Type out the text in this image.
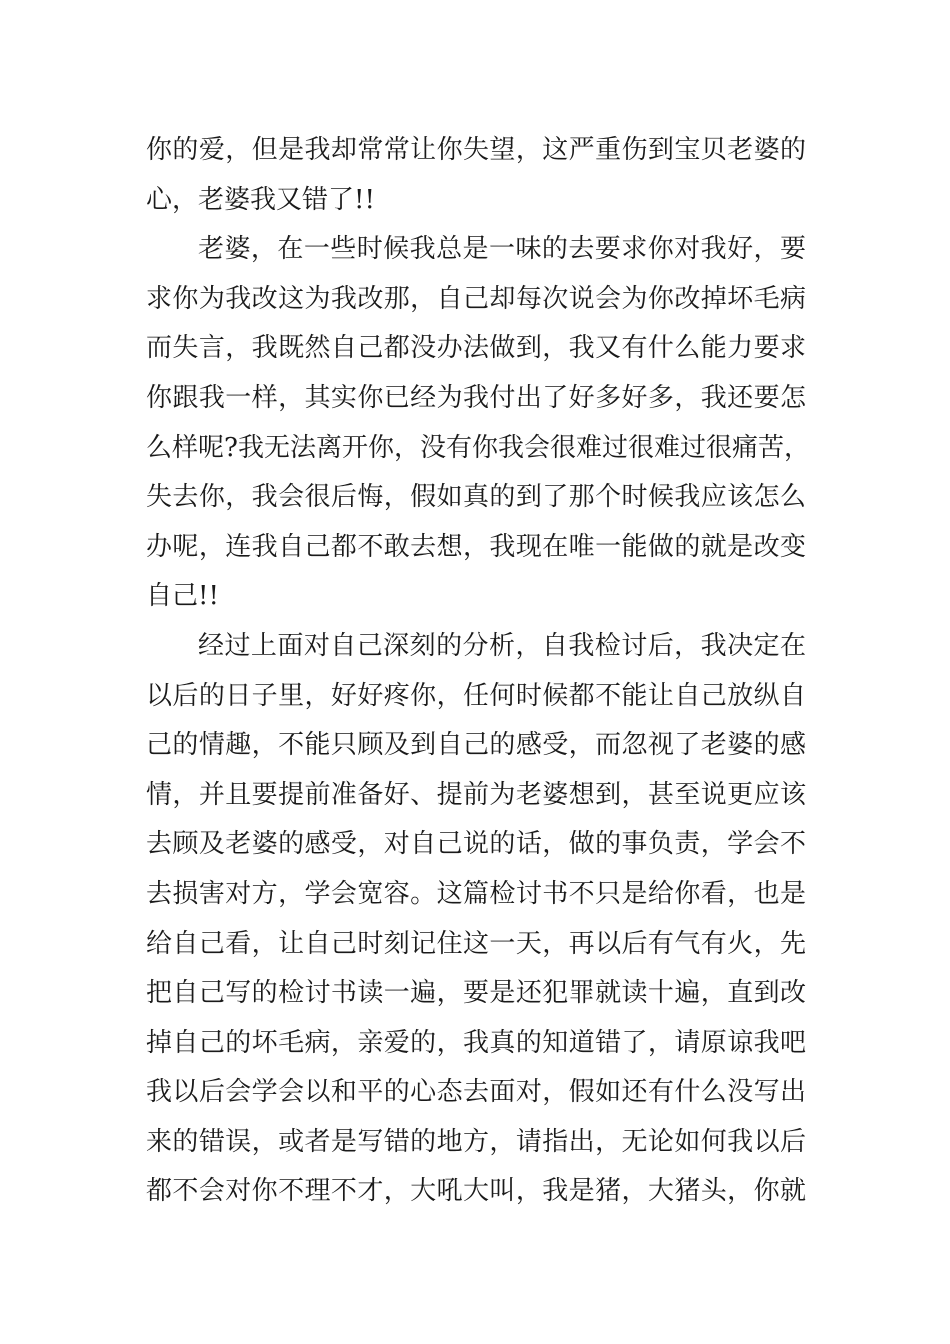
你的爱，但是我却常常让你失望，这严重伤到宝贝老婆的
心，老婆我又错了!!
老婆，在一些时候我总是一味的去要求你对我好，要
求你为我改这为我改那，自己却每次说会为你改掉坏毛病
而失言，我既然自己都没办法做到，我又有什么能力要求
你跟我一样，其实你已经为我付出了好多好多，我还要怎
么样呢?我无法离开你，没有你我会很难过很难过很痛苦，
失去你，我会很后悔，假如真的到了那个时候我应该怎么
办呢，连我自己都不敢去想，我现在唯一能做的就是改变
自己!!
经过上面对自己深刻的分析，自我检讨后，我决定在
以后的日子里，好好疼你，任何时候都不能让自己放纵自
己的情趣，不能只顾及到自己的感受，而忽视了老婆的感
情，并且要提前准备好、提前为老婆想到，甚至说更应该
去顾及老婆的感受，对自己说的话，做的事负责，学会不
去损害对方，学会宽容。这篇检讨书不只是给你看，也是
给自己看，让自己时刻记住这一天，再以后有气有火，先
把自己写的检讨书读一遍，要是还犯罪就读十遍，直到改
掉自己的坏毛病，亲爱的，我真的知道错了，请原谅我吧
我以后会学会以和平的心态去面对，假如还有什么没写出
来的错误，或者是写错的地方，请指出，无论如何我以后
都不会对你不理不才，大吼大叫，我是猪，大猪头，你就
